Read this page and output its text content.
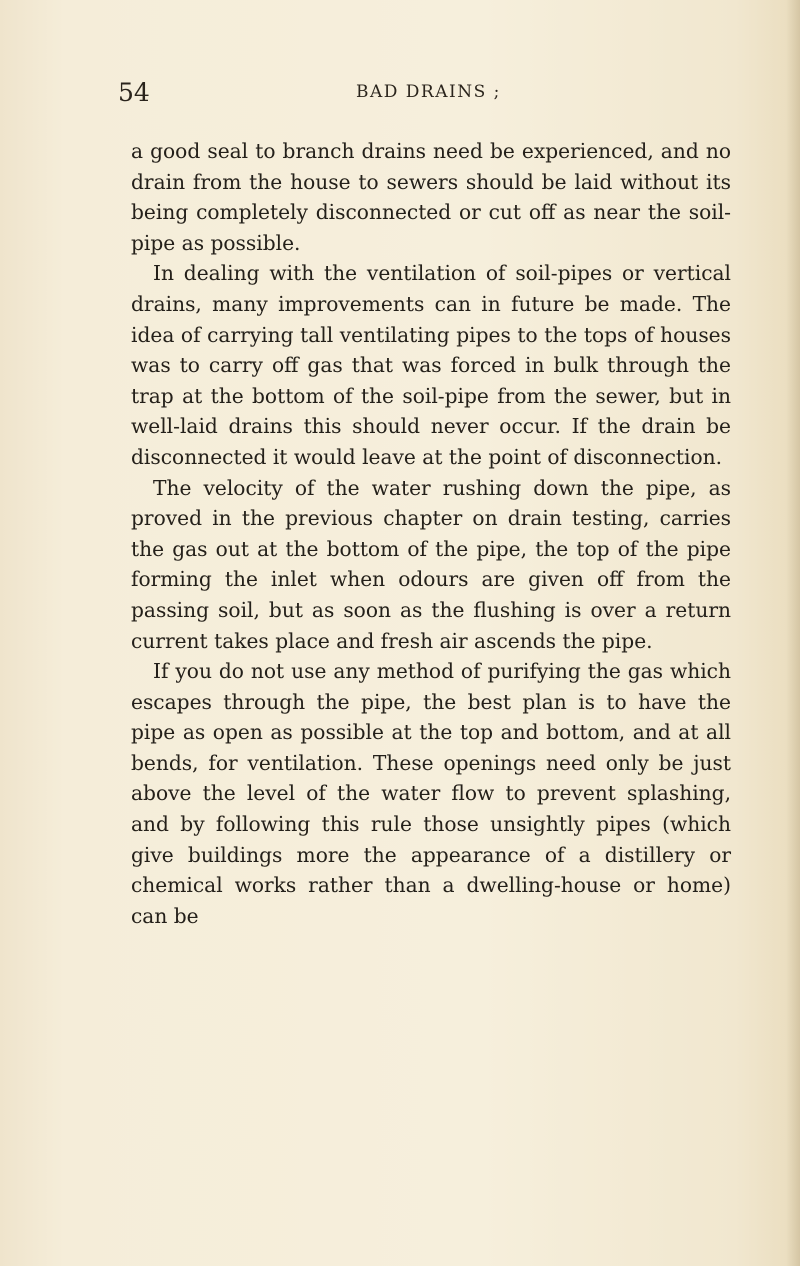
54	BAD DRAINS ;

a good seal to branch drains need be experienced, and no drain from the house to sewers should be laid without its being completely disconnected or cut off as near the soil-pipe as possible.

In dealing with the ventilation of soil-pipes or vertical drains, many improvements can in future be made. The idea of carrying tall ventilating pipes to the tops of houses was to carry off gas that was forced in bulk through the trap at the bottom of the soil-pipe from the sewer, but in well-laid drains this should never occur. If the drain be disconnected it would leave at the point of disconnection.

The velocity of the water rushing down the pipe, as proved in the previous chapter on drain testing, carries the gas out at the bottom of the pipe, the top of the pipe forming the inlet when odours are given off from the passing soil, but as soon as the flushing is over a return current takes place and fresh air ascends the pipe.

If you do not use any method of purifying the gas which escapes through the pipe, the best plan is to have the pipe as open as possible at the top and bottom, and at all bends, for ventilation. These openings need only be just above the level of the water flow to prevent splashing, and by following this rule those unsightly pipes (which give buildings more the appearance of a distillery or chemical works rather than a dwelling-house or home) can be
